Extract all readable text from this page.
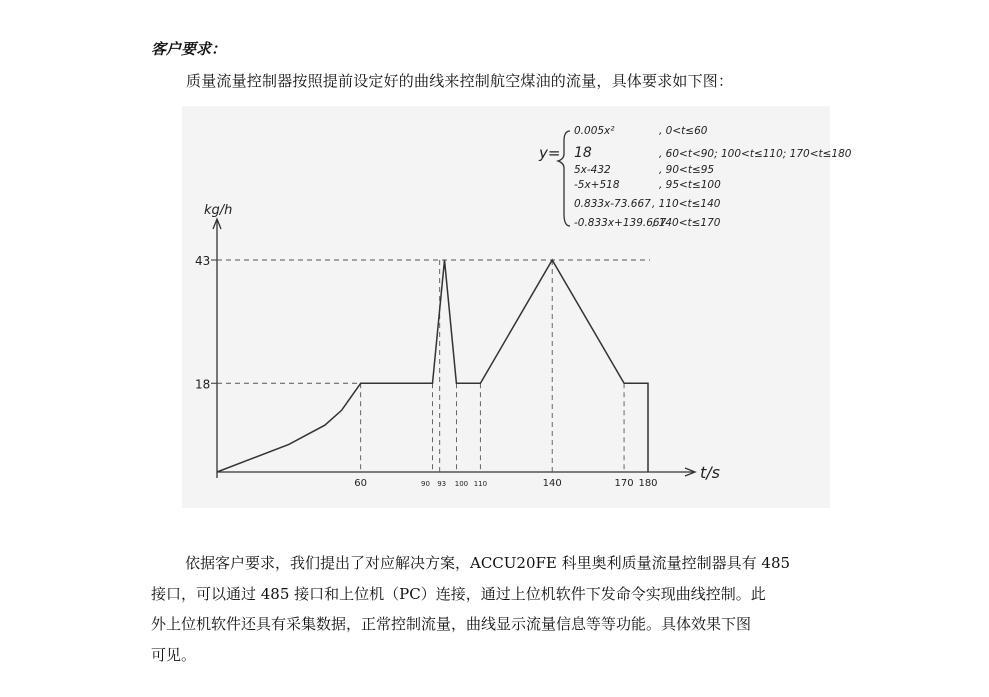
客户要求：
质量流量控制器按照提前设定好的曲线来控制航空煤油的流量，具体要求如下图：
kg/h
t/s
43
18
60	90 93 100 110	140	170 180
y=
0.005x²	, 0<t≤60
18	, 60<t<90; 100<t≤110; 170<t≤180
5x-432	, 90<t≤95
-5x+518	, 95<t≤100
0.833x-73.667 , 110<t≤140
-0.833x+139.667
, 140<t≤170
依据客户要求，我们提出了对应解决方案，ACCU20FE 科里奥利质量流量控制器具有 485
接口，可以通过 485 接口和上位机（PC）连接，通过上位机软件下发命令实现曲线控制。此
外上位机软件还具有采集数据，正常控制流量，曲线显示流量信息等等功能。具体效果下图
可见。
